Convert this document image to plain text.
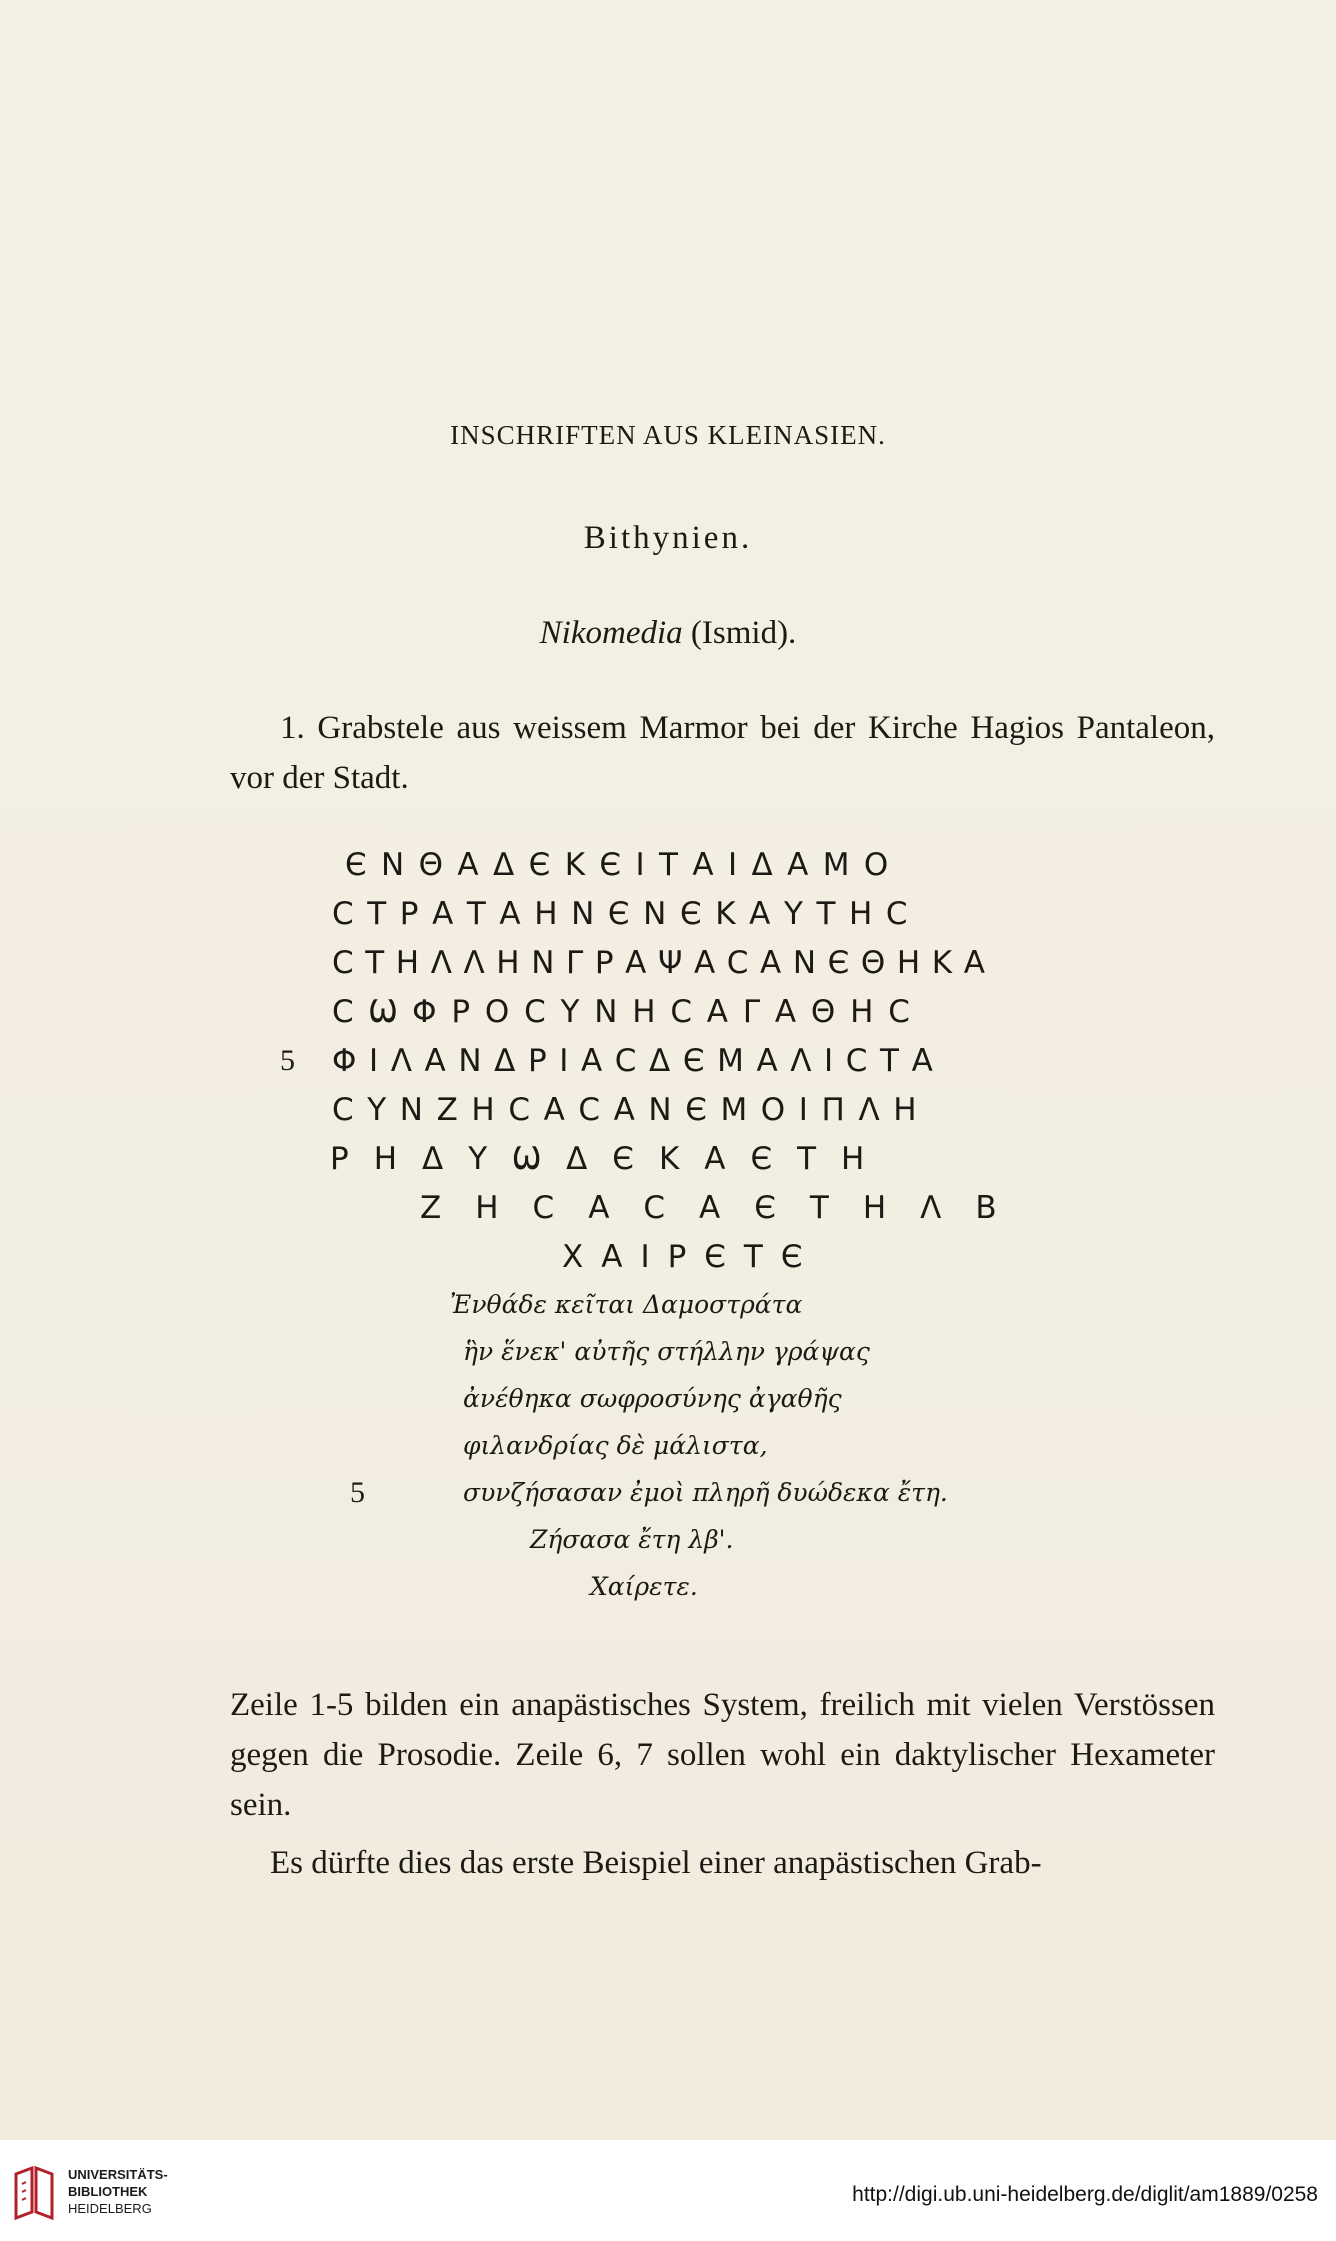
INSCHRIFTEN AUS KLEINASIEN.
Bithynien.
Nikomedia (Ismid).

1. Grabstele aus weissem Marmor bei der Kirche Hagios Pantaleon, vor der Stadt.

ЄΝΘΑΔЄΚЄΙΤΑΙΔΑΜΟ

СΤΡΑΤΑΗΝЄΝЄΚΑΥΤΗС

СΤΗΛΛΗΝΓΡΑΨΑСΑΝЄΘΗΚΑ

СѠΦΡΟСΥΝΗСΑΓΑΘΗС

5 ΦΙΛΑΝΔΡΙΑСΔЄΜΑΛΙСΤΑ

СΥΝΖΗСΑСΑΝЄΜΟΙΠΛΗ

ΡΗΔΥѠΔЄΚΑЄΤΗ

ΖΗСΑСΑЄΤΗΛΒ

ΧΑΙΡЄΤЄ

Ἐνθάδε κεῖται Δαμοστράτα

ἣν ἕνεκ' αὐτῆς στήλλην γράψας

ἀνέθηκα σωφροσύνης ἀγαθῆς

φιλανδρίας δὲ μάλιστα,

5	συνζήσασαν ἐμοὶ πληρῆ δυώδεκα ἔτη.

Ζήσασα ἔτη λβ'.

Χαίρετε.

Zeile 1-5 bilden ein anapästisches System, freilich mit vielen Verstössen gegen die Prosodie. Zeile 6, 7 sollen wohl ein daktylischer Hexameter sein.

Es dürfte dies das erste Beispiel einer anapästischen Grab-

UNIVERSITÄTS-
BIBLIOTHEK
HEIDELBERG

http://digi.ub.uni-heidelberg.de/diglit/am1889/0258
